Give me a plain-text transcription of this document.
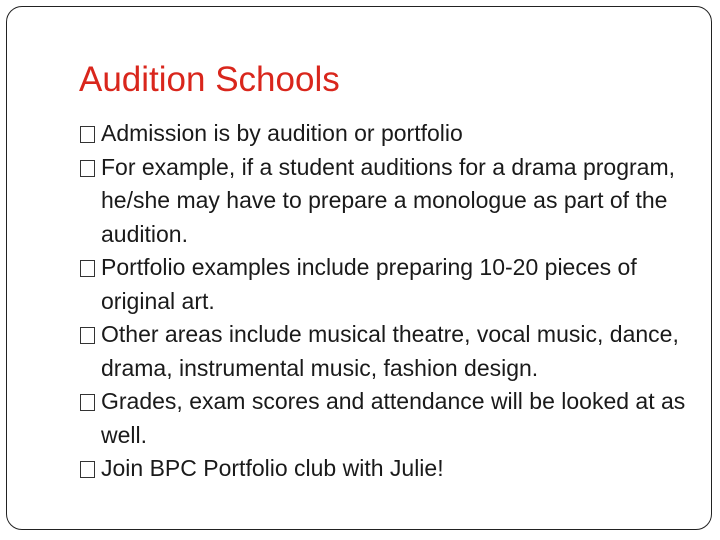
Audition Schools
Admission is by audition or portfolio
For example, if a student auditions for a drama program, he/she may have to prepare a monologue as part of the audition.
Portfolio examples include preparing 10-20 pieces of original art.
Other areas include musical theatre, vocal music, dance, drama, instrumental music, fashion design.
Grades, exam scores and attendance will be looked at as well.
Join BPC Portfolio club with Julie!
